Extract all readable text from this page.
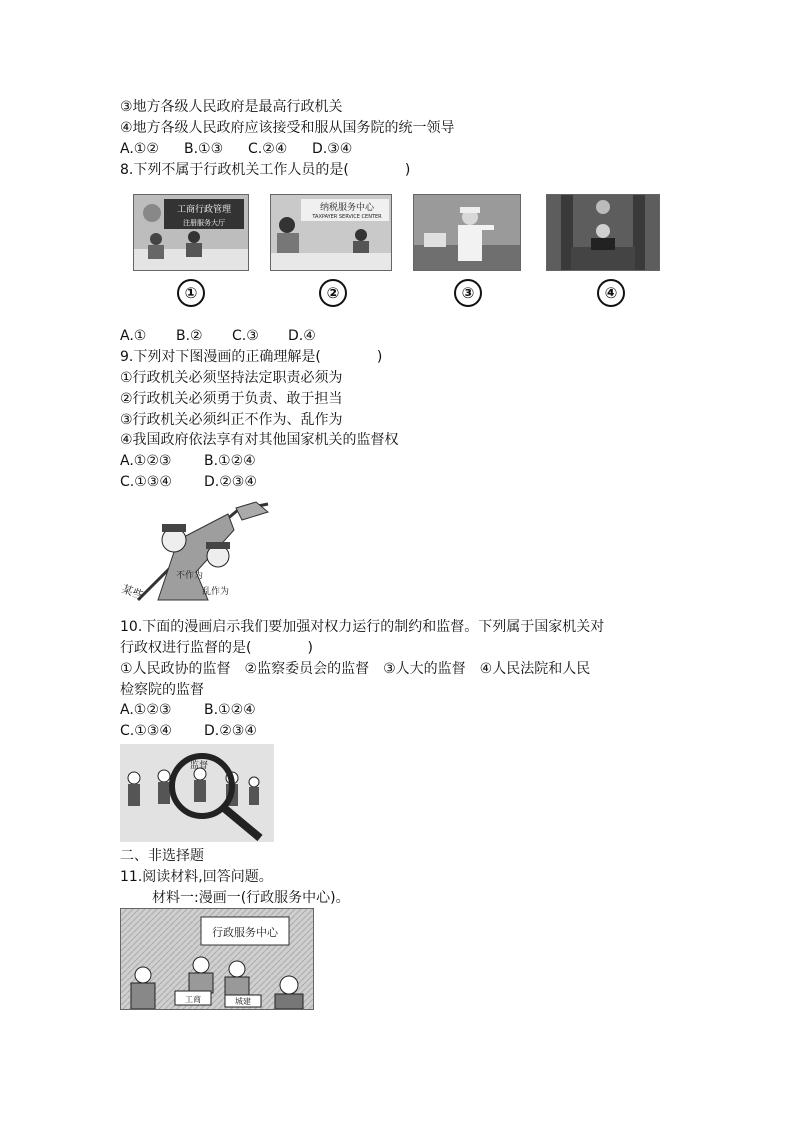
③地方各级人民政府是最高行政机关
④地方各级人民政府应该接受和服从国务院的统一领导
A.①② B.①③ C.②④ D.③④
8.下列不属于行政机关工作人员的是(　　　　)
工商行政管理
注册服务大厅
纳税服务中心
TAXPAYER SERVICE CENTER
①	②	③	④
A.① B.② C.③ D.④
9.下列对下图漫画的正确理解是(　　　　)
①行政机关必须坚持法定职责必须为
②行政机关必须勇于负责、敢于担当
③行政机关必须纠正不作为、乱作为
④我国政府依法享有对其他国家机关的监督权
A.①②③ B.①②④
C.①③④ D.②③④
不作为
乱作为
某些
10.下面的漫画启示我们要加强对权力运行的制约和监督。下列属于国家机关对
行政权进行监督的是(　　　　)
①人民政协的监督　②监察委员会的监督　③人大的监督　④人民法院和人民
检察院的监督
A.①②③ B.①②④
C.①③④ D.②③④
监督
二、非选择题
11.阅读材料,回答问题。
材料一:漫画一(行政服务中心)。
行政服务中心
工商	城建
